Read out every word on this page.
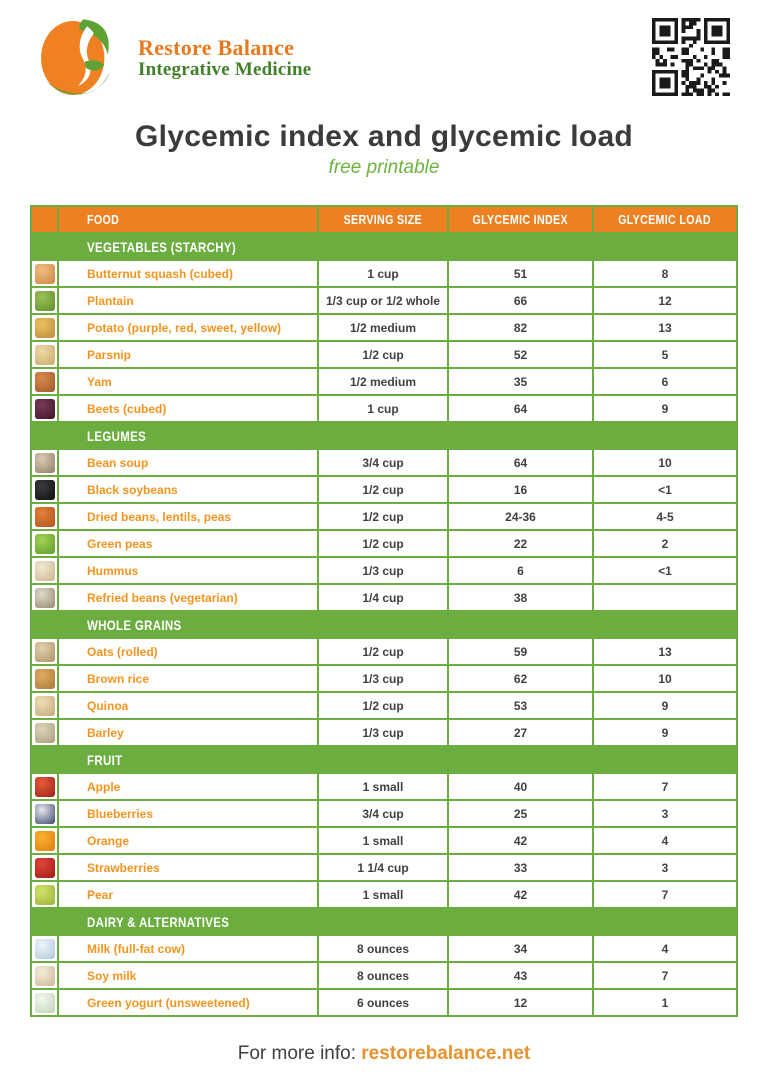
Restore Balance
Integrative Medicine
Glycemic index and glycemic load
free printable
FOOD	SERVING SIZE	GLYCEMIC INDEX	GLYCEMIC LOAD
VEGETABLES (STARCHY)
Butternut squash (cubed)	1 cup	51	8
Plantain	1/3 cup or 1/2 whole	66	12
Potato (purple, red, sweet, yellow)	1/2 medium	82	13
Parsnip	1/2 cup	52	5
Yam	1/2 medium	35	6
Beets (cubed)	1 cup	64	9
LEGUMES
Bean soup	3/4 cup	64	10
Black soybeans	1/2 cup	16	<1
Dried beans, lentils, peas	1/2 cup	24-36	4-5
Green peas	1/2 cup	22	2
Hummus	1/3 cup	6	<1
Refried beans (vegetarian)	1/4 cup	38
WHOLE GRAINS
Oats (rolled)	1/2 cup	59	13
Brown rice	1/3 cup	62	10
Quinoa	1/2 cup	53	9
Barley	1/3 cup	27	9
FRUIT
Apple	1 small	40	7
Blueberries	3/4 cup	25	3
Orange	1 small	42	4
Strawberries	1 1/4 cup	33	3
Pear	1 small	42	7
DAIRY & ALTERNATIVES
Milk (full-fat cow)	8 ounces	34	4
Soy milk	8 ounces	43	7
Green yogurt (unsweetened)	6 ounces	12	1
For more info: restorebalance.net
